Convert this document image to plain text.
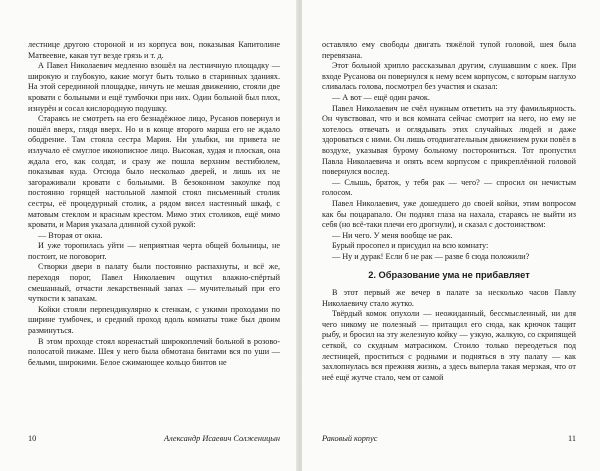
лестнице другою стороной и из корпуса вон, показывая Капитолине Матвеевне, какая тут везде грязь и т. д.

А Павел Николаевич медленно взошёл на лестничную площадку — широкую и глубокую, какие могут быть только в старинных зданиях. На этой серединной площадке, ничуть не мешая движению, стояли две кровати с больными и ещё тумбочки при них. Один больной был плох, изнурён и сосал кислородную подушку.

Стараясь не смотреть на его безнадёжное лицо, Русанов повернул и пошёл вверх, глядя вверх. Но и в конце второго марша его не ждало ободрение. Там стояла сестра Мария. Ни улыбки, ни привета не излучало её смуглое иконописное лицо. Высокая, худая и плоская, она ждала его, как солдат, и сразу же пошла верхним вестибюлем, показывая куда. Отсюда было несколько дверей, и лишь их не загораживали кровати с больными. В безоконном закоулке под постоянно горящей настольной лампой стоял письменный столик сестры, её процедурный столик, а рядом висел настенный шкаф, с матовым стеклом и красным крестом. Мимо этих столиков, ещё мимо кровати, и Мария указала длинной сухой рукой:

— Вторая от окна.

И уже торопилась уйти — неприятная черта общей больницы, не постоит, не поговорит.

Створки двери в палату были постоянно распахнуты, и всё же, переходя порог, Павел Николаевич ощутил влажно-спёртый смешанный, отчасти лекарственный запах — мучительный при его чуткости к запахам.

Койки стояли перпендикулярно к стенкам, с узкими проходами по ширине тумбочек, и средний проход вдоль комнаты тоже был двоим разминуться.

В этом проходе стоял коренастый широкоплечий больной в розово-полосатой пижаме. Шея у него была обмотана бинтами вся по уши — белыми, широкими. Белое сжимающее кольцо бинтов не

10	Александр Исаевич Солженицын

оставляло ему свободы двигать тяжёлой тупой головой, шея была перевязана.

Этот больной хрипло рассказывал другим, слушавшим с коек. При входе Русанова он повернулся к нему всем корпусом, с которым наглухо сливалась голова, посмотрел без участия и сказал:

— А вот — ещё один рачок.

Павел Николаевич не счёл нужным ответить на эту фамильярность. Он чувствовал, что и вся комната сейчас смотрит на него, но ему не хотелось отвечать и оглядывать этих случайных людей и даже здороваться с ними. Он лишь отодвигательным движением руки повёл в воздухе, указывая бурому больному посторониться. Тот пропустил Павла Николаевича и опять всем корпусом с прикреплённой головой повернулся вослед.

— Слышь, браток, у тебя рак — чего? — спросил он нечистым голосом.

Павел Николаевич, уже дошедшего до своей койки, этим вопросом как бы поцарапало. Он поднял глаза на нахала, стараясь не выйти из себя (но всё-таки плечи его дрогнули), и сказал с достоинством:

— Ни чего. У меня вообще не рак.

Бурый просопел и присудил на всю комнату:

— Ну и дурак! Если б не рак — разве б сюда положили?

2. Образование ума не прибавляет

В этот первый же вечер в палате за несколько часов Павлу Николаевичу стало жутко.

Твёрдый комок опухоли — неожиданный, бессмысленный, ни для чего никому не полезный — притащил его сюда, как крючок тащит рыбу, и бросил на эту железную койку — узкую, жалкую, со скрипящей сеткой, со скудным матрасиком. Стоило только переодеться под лестницей, проститься с родными и подняться в эту палату — как захлопнулась вся прежняя жизнь, а здесь выперла такая мерзкая, что от неё ещё жутче стало, чем от самой

Раковый корпус	11
